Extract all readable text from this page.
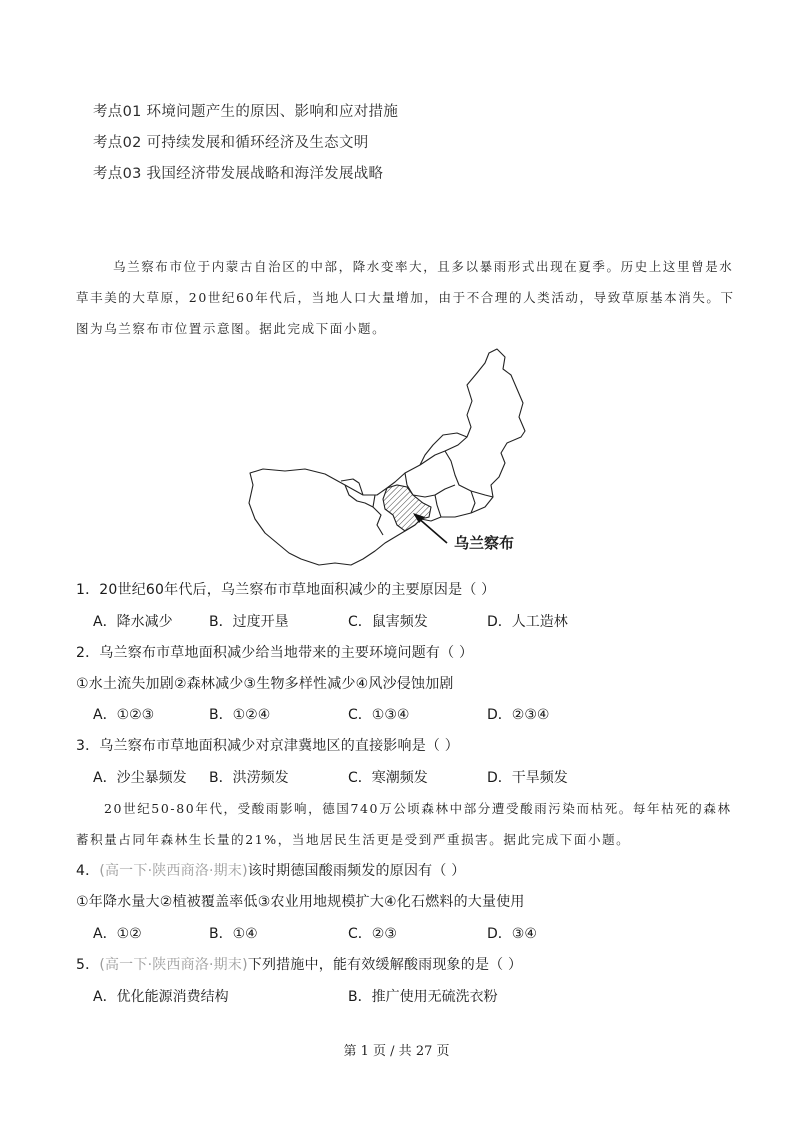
考点01 环境问题产生的原因、影响和应对措施
考点02 可持续发展和循环经济及生态文明
考点03 我国经济带发展战略和海洋发展战略
乌兰察布市位于内蒙古自治区的中部，降水变率大，且多以暴雨形式出现在夏季。历史上这里曾是水
草丰美的大草原，20世纪60年代后，当地人口大量增加，由于不合理的人类活动，导致草原基本消失。下
图为乌兰察布市位置示意图。据此完成下面小题。
乌兰察布
1．20世纪60年代后，乌兰察布市草地面积减少的主要原因是（ ）
A．降水减少	B．过度开垦	C．鼠害频发	D．人工造林
2．乌兰察布市草地面积减少给当地带来的主要环境问题有（ ）
①水土流失加剧②森林减少③生物多样性减少④风沙侵蚀加剧
A．①②③	B．①②④	C．①③④	D．②③④
3．乌兰察布市草地面积减少对京津冀地区的直接影响是（ ）
A．沙尘暴频发 B．洪涝频发	C．寒潮频发	D．干旱频发
20世纪50-80年代，受酸雨影响，德国740万公顷森林中部分遭受酸雨污染而枯死。每年枯死的森林
蓄积量占同年森林生长量的21%，当地居民生活更是受到严重损害。据此完成下面小题。
4．(高一下·陕西商洛·期末)该时期德国酸雨频发的原因有（ ）
①年降水量大②植被覆盖率低③农业用地规模扩大④化石燃料的大量使用
A．①②	B．①④	C．②③	D．③④
5．(高一下·陕西商洛·期末)下列措施中，能有效缓解酸雨现象的是（ ）
A．优化能源消费结构	B．推广使用无硫洗衣粉
第 1 页 / 共 27 页
